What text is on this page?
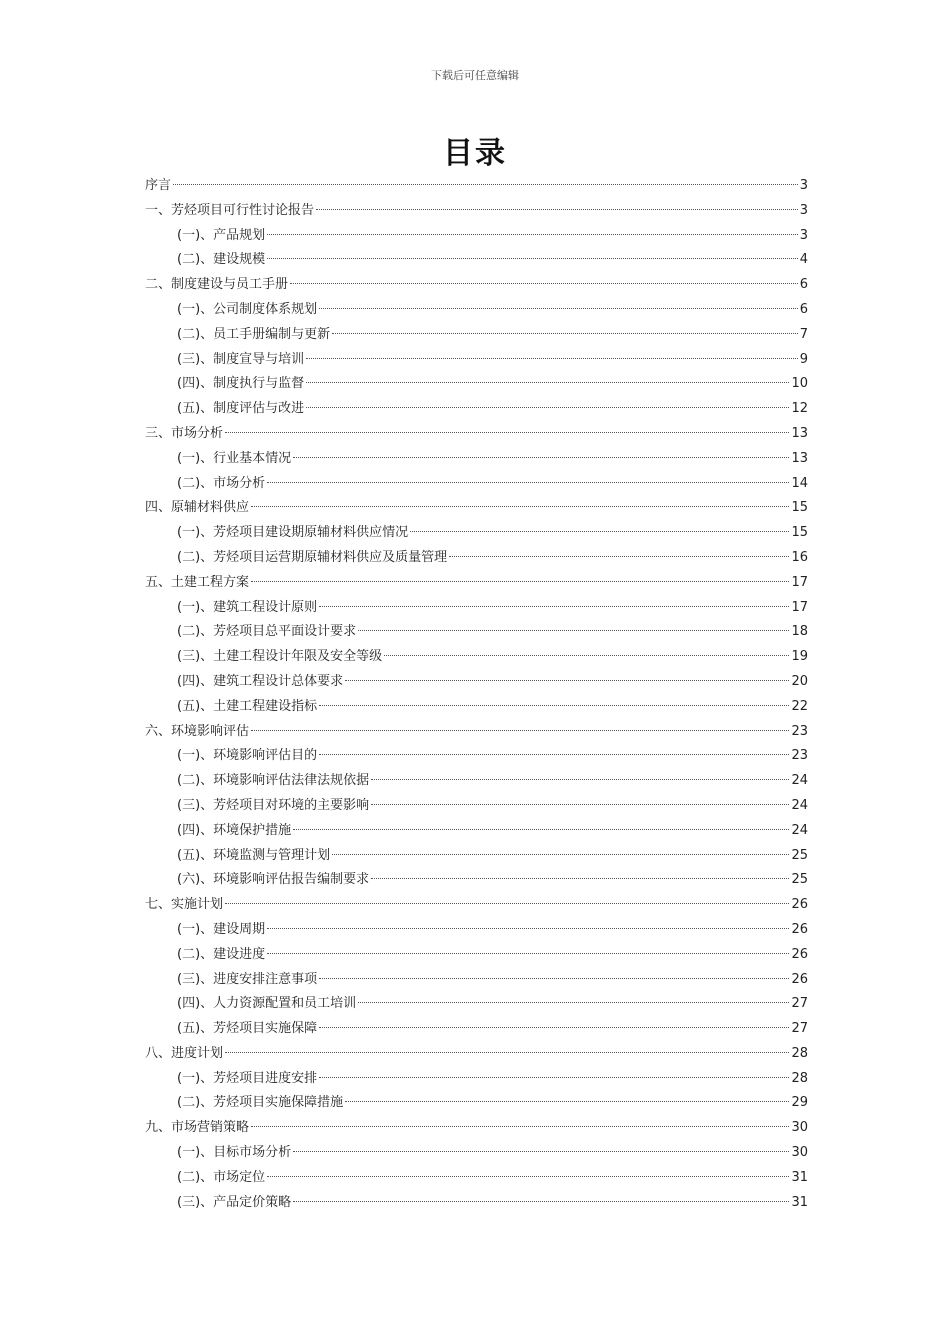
下载后可任意编辑
目录
序言	3
一、芳烃项目可行性讨论报告	3
(一)、产品规划	3
(二)、建设规模	4
二、制度建设与员工手册	6
(一)、公司制度体系规划	6
(二)、员工手册编制与更新	7
(三)、制度宣导与培训	9
(四)、制度执行与监督	10
(五)、制度评估与改进	12
三、市场分析	13
(一)、行业基本情况	13
(二)、市场分析	14
四、原辅材料供应	15
(一)、芳烃项目建设期原辅材料供应情况	15
(二)、芳烃项目运营期原辅材料供应及质量管理	16
五、土建工程方案	17
(一)、建筑工程设计原则	17
(二)、芳烃项目总平面设计要求	18
(三)、土建工程设计年限及安全等级	19
(四)、建筑工程设计总体要求	20
(五)、土建工程建设指标	22
六、环境影响评估	23
(一)、环境影响评估目的	23
(二)、环境影响评估法律法规依据	24
(三)、芳烃项目对环境的主要影响	24
(四)、环境保护措施	24
(五)、环境监测与管理计划	25
(六)、环境影响评估报告编制要求	25
七、实施计划	26
(一)、建设周期	26
(二)、建设进度	26
(三)、进度安排注意事项	26
(四)、人力资源配置和员工培训	27
(五)、芳烃项目实施保障	27
八、进度计划	28
(一)、芳烃项目进度安排	28
(二)、芳烃项目实施保障措施	29
九、市场营销策略	30
(一)、目标市场分析	30
(二)、市场定位	31
(三)、产品定价策略	31
